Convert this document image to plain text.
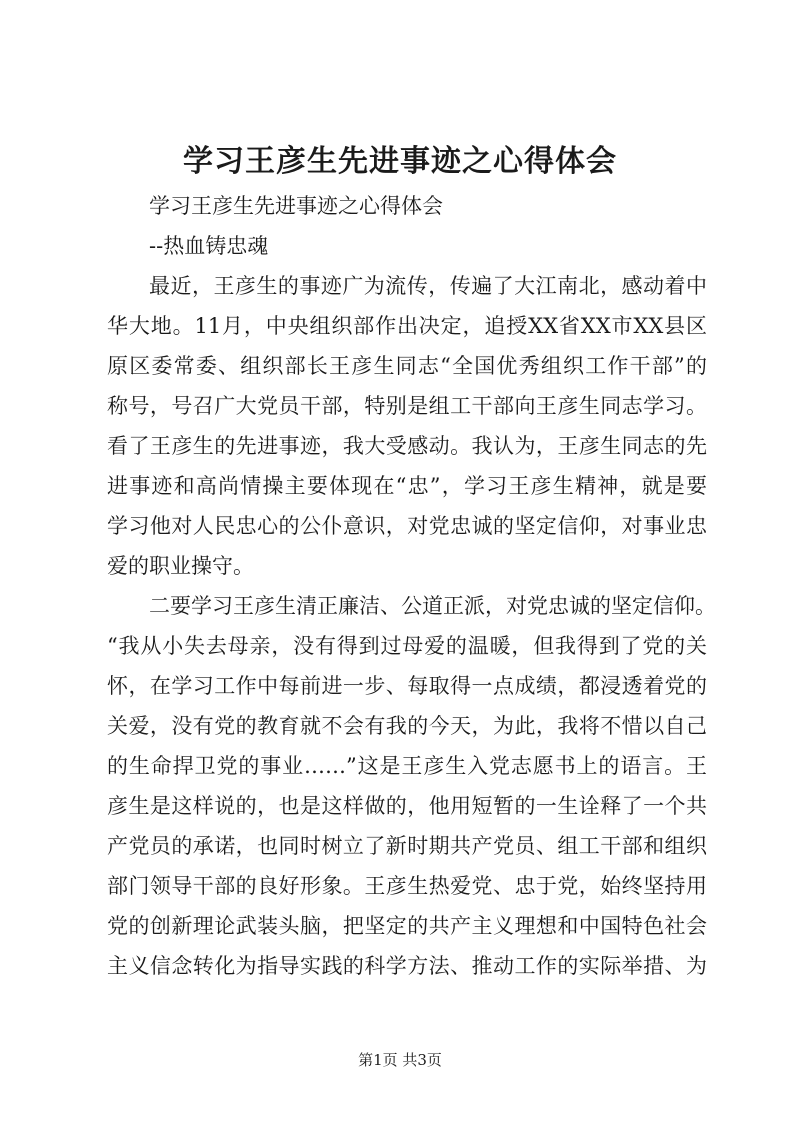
学习王彦生先进事迹之心得体会
学习王彦生先进事迹之心得体会
--热血铸忠魂
最近，王彦生的事迹广为流传，传遍了大江南北，感动着中
华大地。11月，中央组织部作出决定，追授XX省XX市XX县区
原区委常委、组织部长王彦生同志“全国优秀组织工作干部”的
称号，号召广大党员干部，特别是组工干部向王彦生同志学习。
看了王彦生的先进事迹，我大受感动。我认为，王彦生同志的先
进事迹和高尚情操主要体现在“忠”，学习王彦生精神，就是要
学习他对人民忠心的公仆意识，对党忠诚的坚定信仰，对事业忠
爱的职业操守。
二要学习王彦生清正廉洁、公道正派，对党忠诚的坚定信仰。
“我从小失去母亲，没有得到过母爱的温暖，但我得到了党的关
怀，在学习工作中每前进一步、每取得一点成绩，都浸透着党的
关爱，没有党的教育就不会有我的今天，为此，我将不惜以自己
的生命捍卫党的事业……”这是王彦生入党志愿书上的语言。王
彦生是这样说的，也是这样做的，他用短暂的一生诠释了一个共
产党员的承诺，也同时树立了新时期共产党员、组工干部和组织
部门领导干部的良好形象。王彦生热爱党、忠于党，始终坚持用
党的创新理论武装头脑，把坚定的共产主义理想和中国特色社会
主义信念转化为指导实践的科学方法、推动工作的实际举措、为
第1页 共3页
